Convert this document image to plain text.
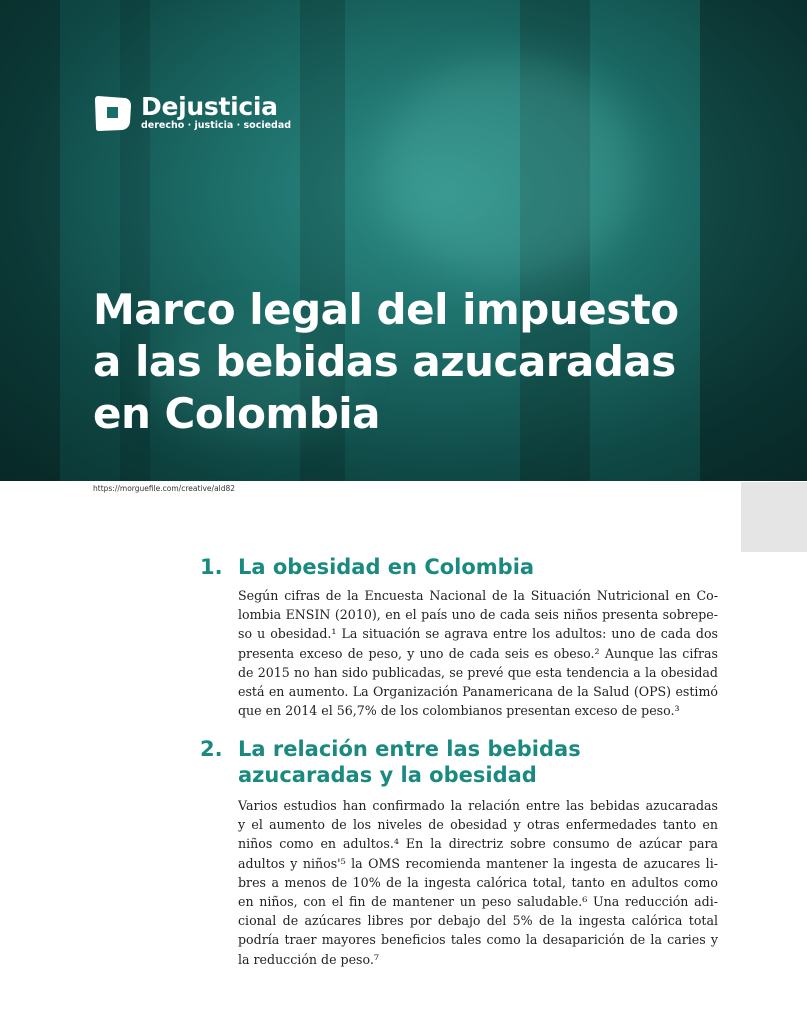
Dejusticia
derecho · justicia · sociedad
Marco legal del impuesto
a las bebidas azucaradas
en Colombia
https://morguefile.com/creative/ald82
1. La obesidad en Colombia

Según cifras de la Encuesta Nacional de la Situación Nutricional en Co-
lombia ENSIN (2010), en el país uno de cada seis niños presenta sobrepe-
so u obesidad.¹ La situación se agrava entre los adultos: uno de cada dos
presenta exceso de peso, y uno de cada seis es obeso.² Aunque las cifras
de 2015 no han sido publicadas, se prevé que esta tendencia a la obesidad
está en aumento. La Organización Panamericana de la Salud (OPS) estimó
que en 2014 el 56,7% de los colombianos presentan exceso de peso.³

2. La relación entre las bebidas
azucaradas y la obesidad

Varios estudios han confirmado la relación entre las bebidas azucaradas
y el aumento de los niveles de obesidad y otras enfermedades tanto en
niños como en adultos.⁴ En la directriz sobre consumo de azúcar para
adultos y niños'⁵ la OMS recomienda mantener la ingesta de azucares li-
bres a menos de 10% de la ingesta calórica total, tanto en adultos como
en niños, con el fin de mantener un peso saludable.⁶ Una reducción adi-
cional de azúcares libres por debajo del 5% de la ingesta calórica total
podría traer mayores beneficios tales como la desaparición de la caries y
la reducción de peso.⁷
